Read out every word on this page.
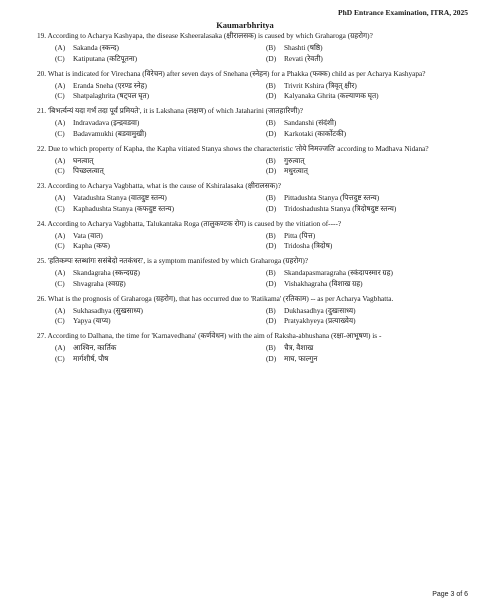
PhD Entrance Examination, ITRA, 2025
Kaumarbhritya
19. According to Acharya Kashyapa, the disease Ksheeralasaka (क्षीरालसक) is caused by which Graharoga (ग्रहरोग)?
(A)	Sakanda (स्कन्द)	(B)	Shashti (षष्ठि)
(C)	Katiputana (कटिपूतना)	(D)	Revati (रेवती)
20. What is indicated for Virechana (विरेचन) after seven days of Snehana (स्नेहन) for a Phakka (फक्क) child as per Acharya Kashyapa?
(A)	Eranda Sneha (एरण्ड स्नेह)	(B)	Trivrit Kshira (त्रिवृत् क्षीर)
(C)	Shatpalaghrita (षट्पल घृत)	(D)	Kalyanaka Ghrita (कल्याणक घृत)
21. 'बिभर्त्यन्यं यदा गर्भं तदा पूर्वं प्रमियते', it is Lakshana (लक्षण) of which Jataharini (जातहारिणी)?
(A)	Indravadava (इन्द्रवडवा)	(B)	Sandanshi (संदंशी)
(C)	Badavamukhi (बडवामुखी)	(D)	Karkotaki (कार्कोटकी)
22. Due to which property of Kapha, the Kapha vitiated Stanya shows the characteristic 'तोये निमज्जति' according to Madhava Nidana?
(A)	घनत्वात्	(B)	गुरुत्वात्
(C)	पिच्छलत्वात्	(D)	मधुरत्वात्
23. According to Acharya Vagbhatta, what is the cause of Kshiralasaka (क्षीरालसक)?
(A)	Vatadushta Stanya (वातदुष्ट स्तन्य)	(B)	Pittadushta Stanya (पित्तदुष्ट स्तन्य)
(C)	Kaphadushta Stanya (कफदुष्ट स्तन्य)	(D)	Tridoshadushta Stanya (त्रिदोषदुष्ट स्तन्य)
24. According to Acharya Vagbhatta, Talukantaka Roga (तालुकण्टक रोग) is caused by the vitiation of----?
(A)	Vata (वात)	(B)	Pitta (पित्त)
(C)	Kapha (कफ)	(D)	Tridosha (त्रिदोष)
25. 'हतिकम्पः स्तब्धांगः ससंबेदो नतकंधरः', is a symptom manifested by which Graharoga (ग्रहरोग)?
(A)	Skandagraha (स्कन्दग्रह)	(B)	Skandapasmaragraha (स्कंदापस्मार ग्रह)
(C)	Shvagraha (श्वग्रह)	(D)	Vishakhagraha (विशाख ग्रह)
26. What is the prognosis of Graharoga (ग्रहरोग), that has occurred due to 'Ratikama' (रतिकाम) -- as per Acharya Vagbhatta.
(A)	Sukhasadhya (सुखसाध्य)	(B)	Dukhasadhya (दुखःसाध्य)
(C)	Yapya (याप्य)	(D)	Pratyakhyeya (प्रत्याख्येय)
27. According to Dalhana, the time for 'Karnavedhana' (कर्णवेधन) with the aim of Raksha-abhushana (रक्षा-आभूषण) is -
(A)	आश्विन, कार्तिक	(B)	चैत्र, वैशाख
(C)	मार्गशीर्ष, पौष	(D)	माघ, फाल्गुन
Page 3 of 6
